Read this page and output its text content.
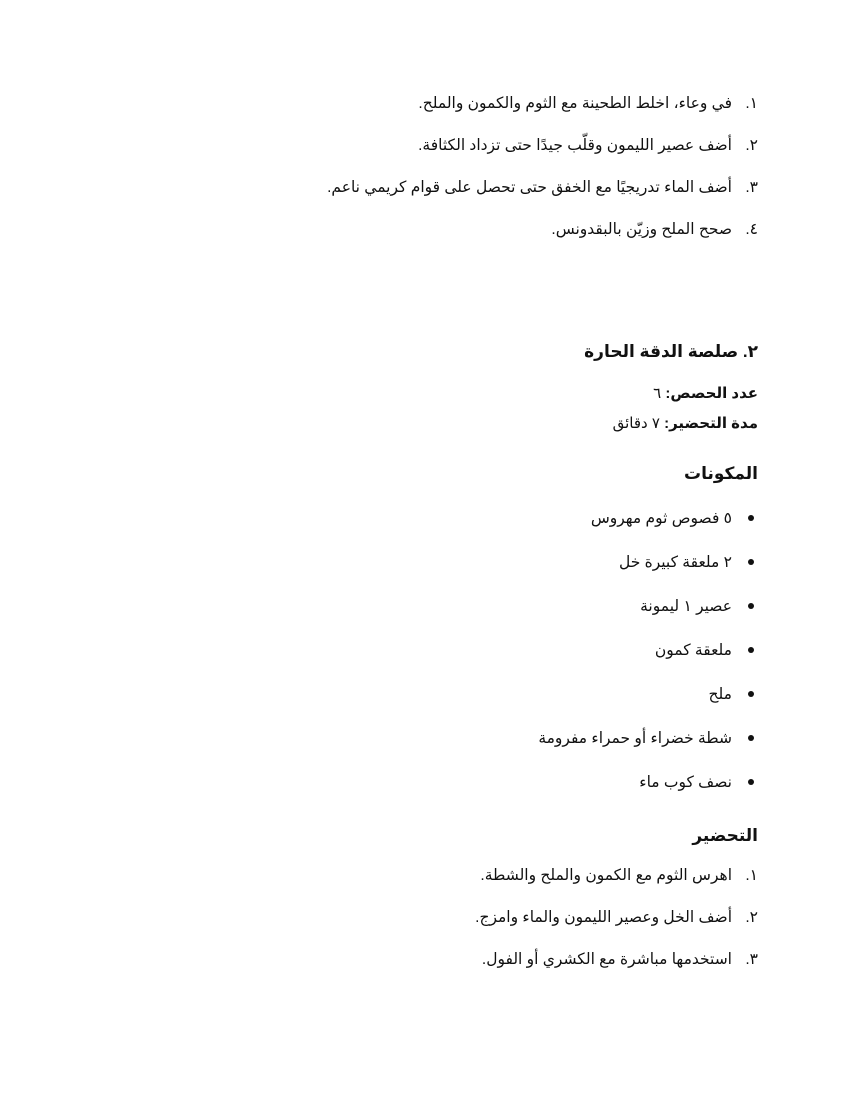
١.
في وعاء، اخلط الطحينة مع الثوم والكمون والملح.
٢.
أضف عصير الليمون وقلّب جيدًا حتى تزداد الكثافة.
٣.
أضف الماء تدريجيًا مع الخفق حتى تحصل على قوام كريمي ناعم.
٤.
صحح الملح وزيّن بالبقدونس.
٢. صلصة الدقة الحارة
عدد الحصص: ٦
مدة التحضير: ٧ دقائق
المكونات
٥ فصوص ثوم مهروس
٢ ملعقة كبيرة خل
عصير ١ ليمونة
ملعقة كمون
ملح
شطة خضراء أو حمراء مفرومة
نصف كوب ماء
التحضير
١.
اهرس الثوم مع الكمون والملح والشطة.
٢.
أضف الخل وعصير الليمون والماء وامزج.
٣.
استخدمها مباشرة مع الكشري أو الفول.
